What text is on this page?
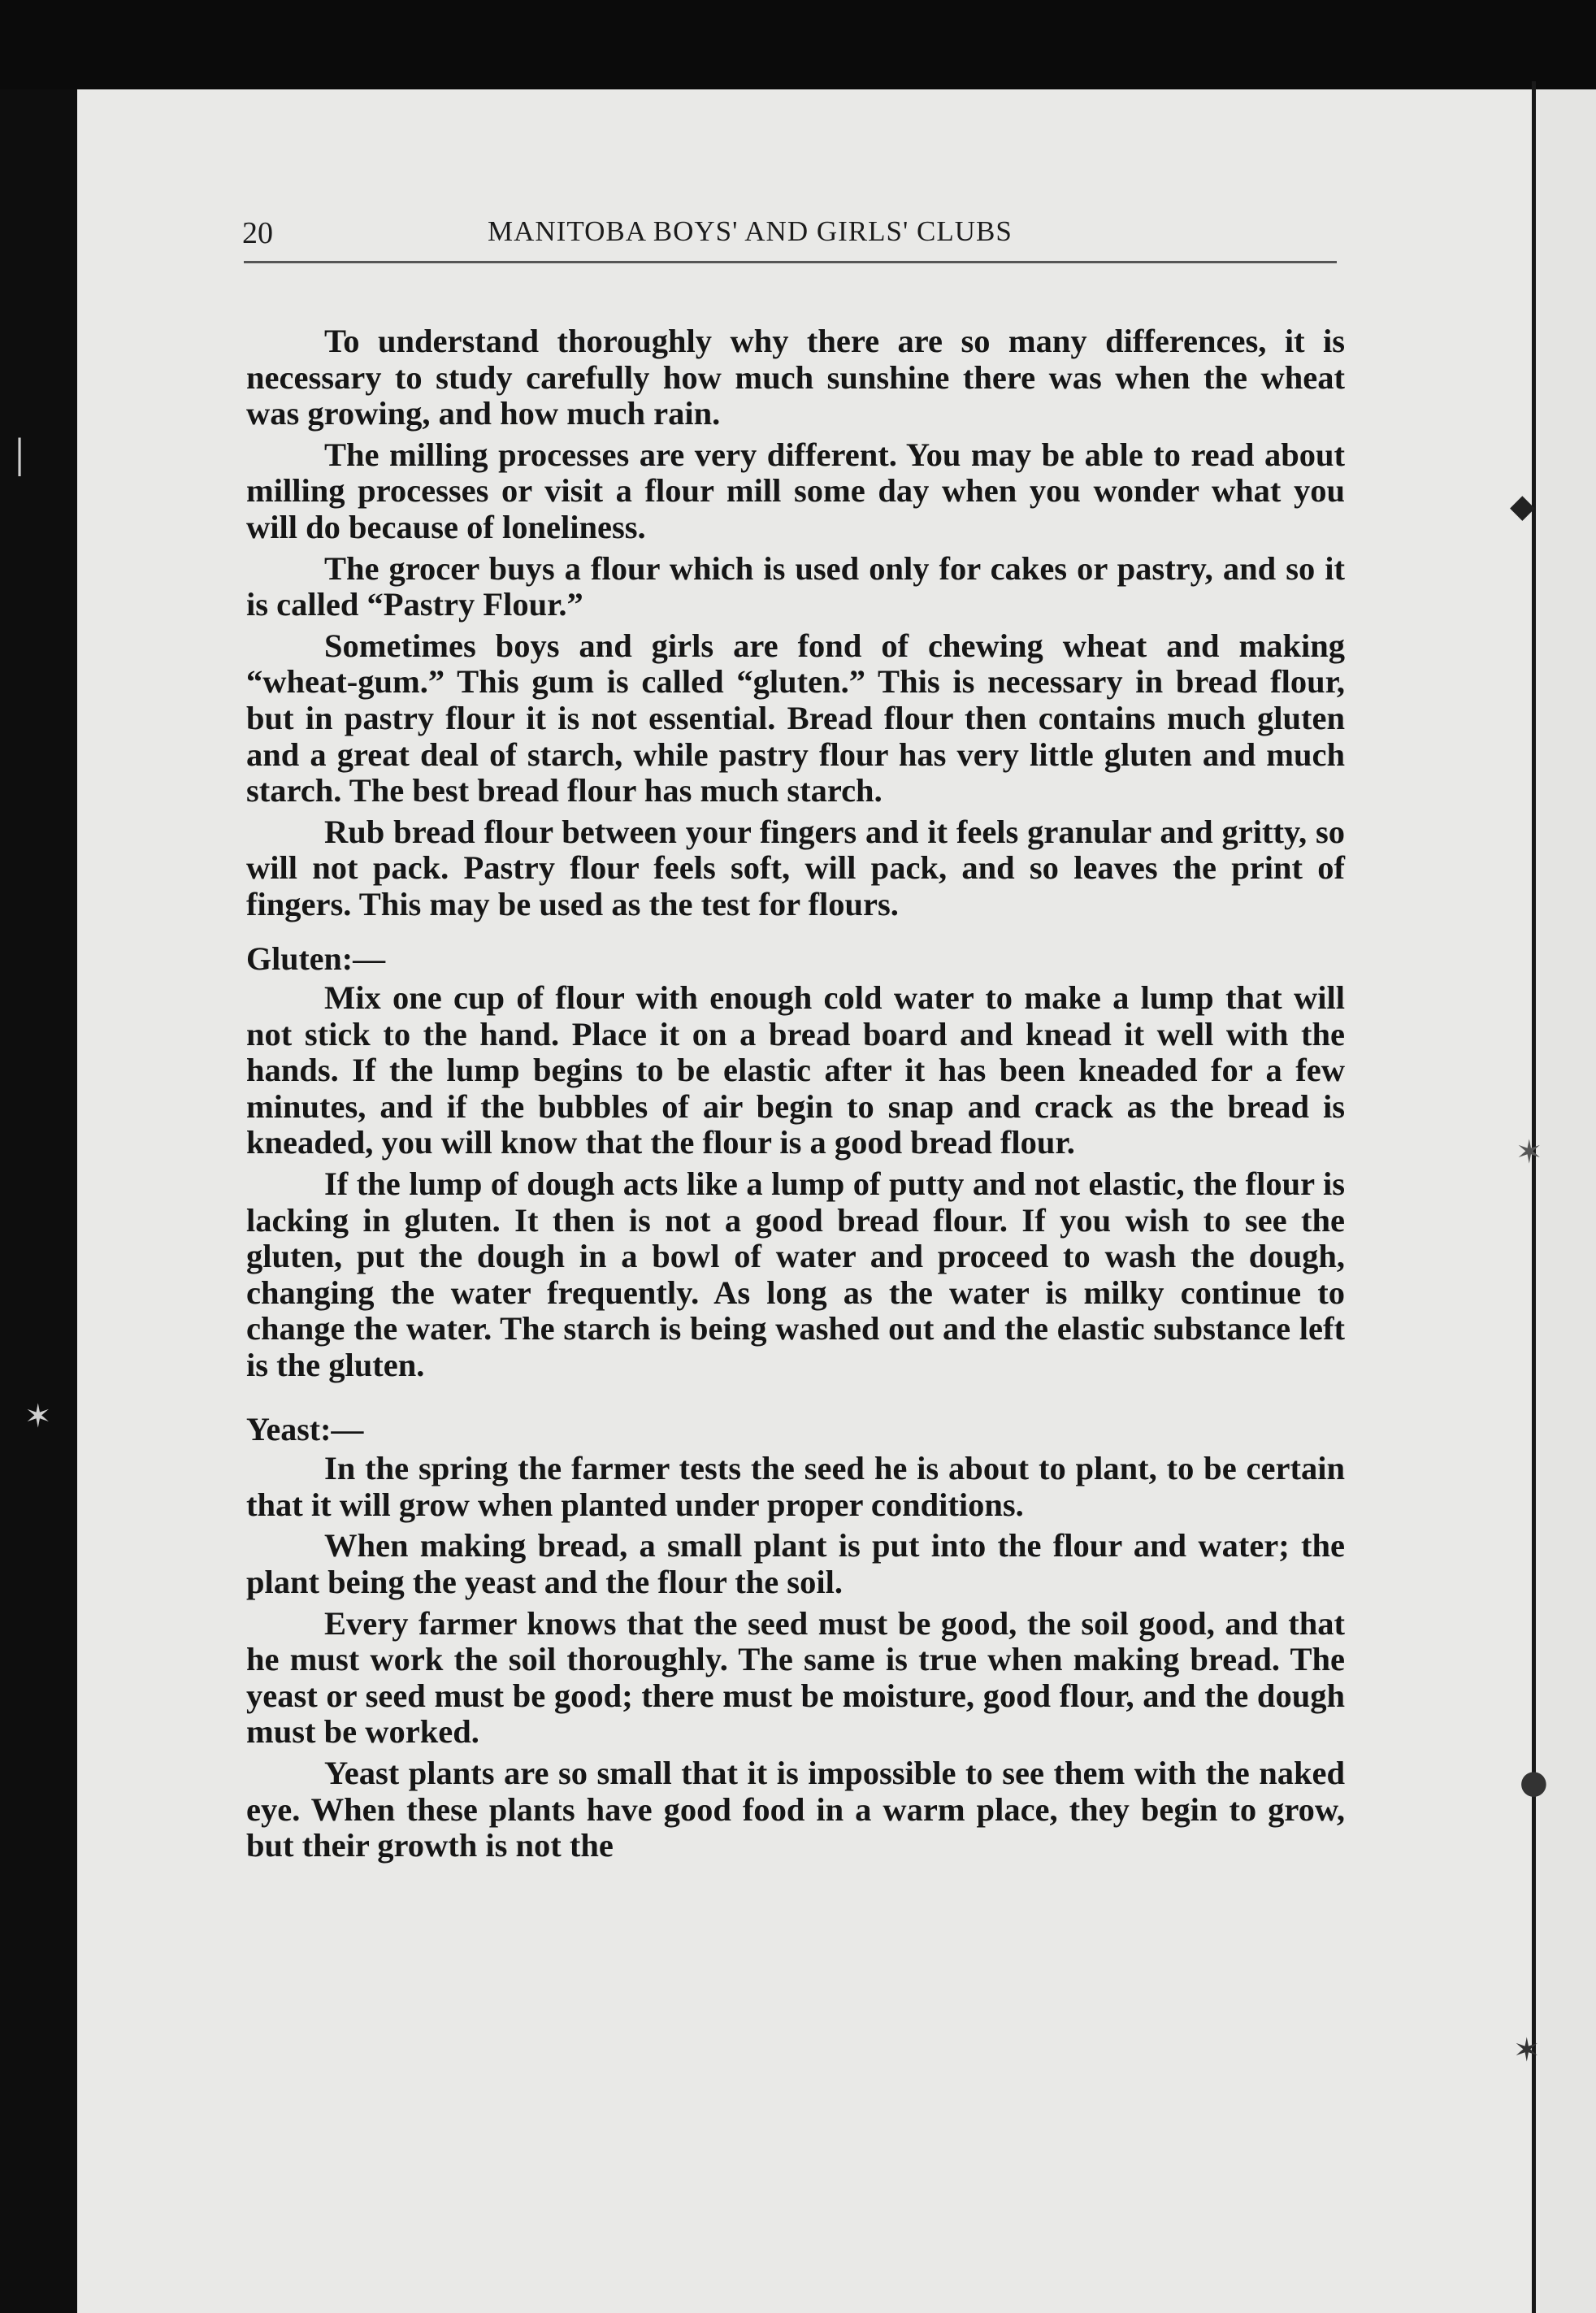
│
✶
◆
✶
●
✶
20	MANITOBA BOYS' AND GIRLS' CLUBS

To understand thoroughly why there are so many differences, it is necessary to study carefully how much sunshine there was when the wheat was growing, and how much rain.

The milling processes are very different. You may be able to read about milling processes or visit a flour mill some day when you wonder what you will do because of loneliness.

The grocer buys a flour which is used only for cakes or pastry, and so it is called “Pastry Flour.”

Sometimes boys and girls are fond of chewing wheat and making “wheat-gum.” This gum is called “gluten.” This is necessary in bread flour, but in pastry flour it is not essential. Bread flour then contains much gluten and a great deal of starch, while pastry flour has very little gluten and much starch. The best bread flour has much starch.

Rub bread flour between your fingers and it feels granular and gritty, so will not pack. Pastry flour feels soft, will pack, and so leaves the print of fingers. This may be used as the test for flours.

Gluten:—

Mix one cup of flour with enough cold water to make a lump that will not stick to the hand. Place it on a bread board and knead it well with the hands. If the lump begins to be elastic after it has been kneaded for a few minutes, and if the bubbles of air begin to snap and crack as the bread is kneaded, you will know that the flour is a good bread flour.

If the lump of dough acts like a lump of putty and not elastic, the flour is lacking in gluten. It then is not a good bread flour. If you wish to see the gluten, put the dough in a bowl of water and proceed to wash the dough, changing the water frequently. As long as the water is milky continue to change the water. The starch is being washed out and the elastic substance left is the gluten.

Yeast:—

In the spring the farmer tests the seed he is about to plant, to be certain that it will grow when planted under proper conditions.

When making bread, a small plant is put into the flour and water; the plant being the yeast and the flour the soil.

Every farmer knows that the seed must be good, the soil good, and that he must work the soil thoroughly. The same is true when making bread. The yeast or seed must be good; there must be moisture, good flour, and the dough must be worked.

Yeast plants are so small that it is impossible to see them with the naked eye. When these plants have good food in a warm place, they begin to grow, but their growth is not the
